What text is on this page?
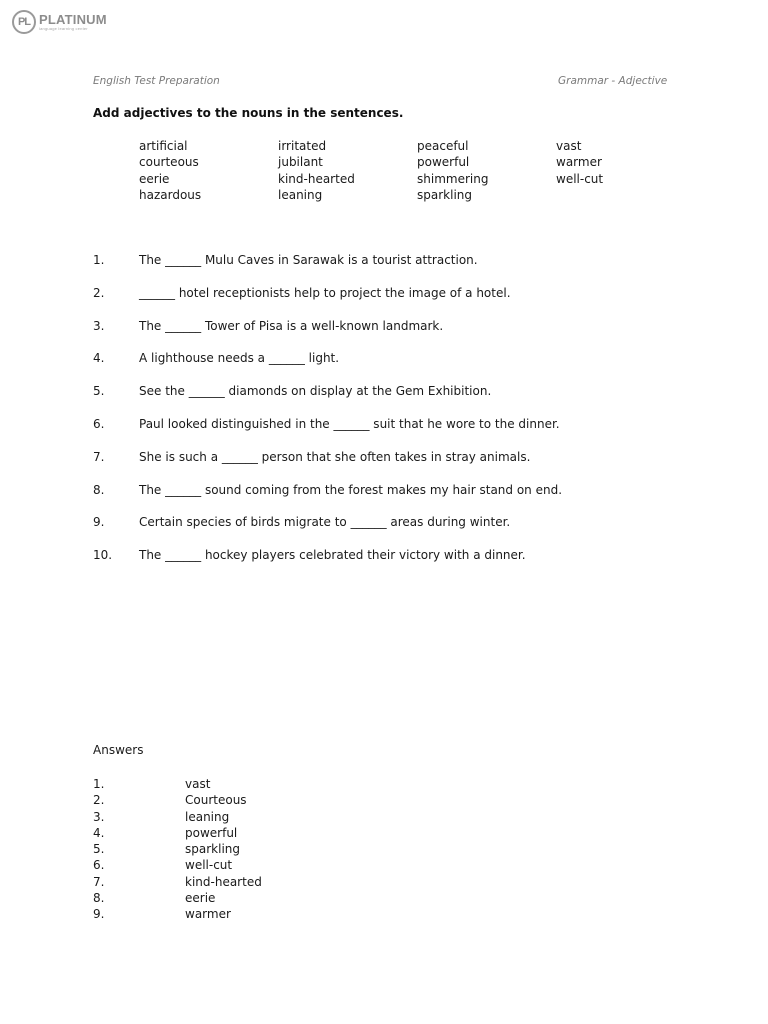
PL PLATINUM
language learning center
English Test Preparation	Grammar - Adjective
Add adjectives to the nouns in the sentences.
artificial	irritated	peaceful	vast
courteous	jubilant	powerful	warmer
eerie	kind-hearted	shimmering	well-cut
hazardous	leaning	sparkling
1.	The ______ Mulu Caves in Sarawak is a tourist attraction.
2.	______ hotel receptionists help to project the image of a hotel.
3.	The ______ Tower of Pisa is a well-known landmark.
4.	A lighthouse needs a ______ light.
5.	See the ______ diamonds on display at the Gem Exhibition.
6.	Paul looked distinguished in the ______ suit that he wore to the dinner.
7.	She is such a ______ person that she often takes in stray animals.
8.	The ______ sound coming from the forest makes my hair stand on end.
9.	Certain species of birds migrate to ______ areas during winter.
10.	The ______ hockey players celebrated their victory with a dinner.
Answers
1.	vast
2.	Courteous
3.	leaning
4.	powerful
5.	sparkling
6.	well-cut
7.	kind-hearted
8.	eerie
9.	warmer
